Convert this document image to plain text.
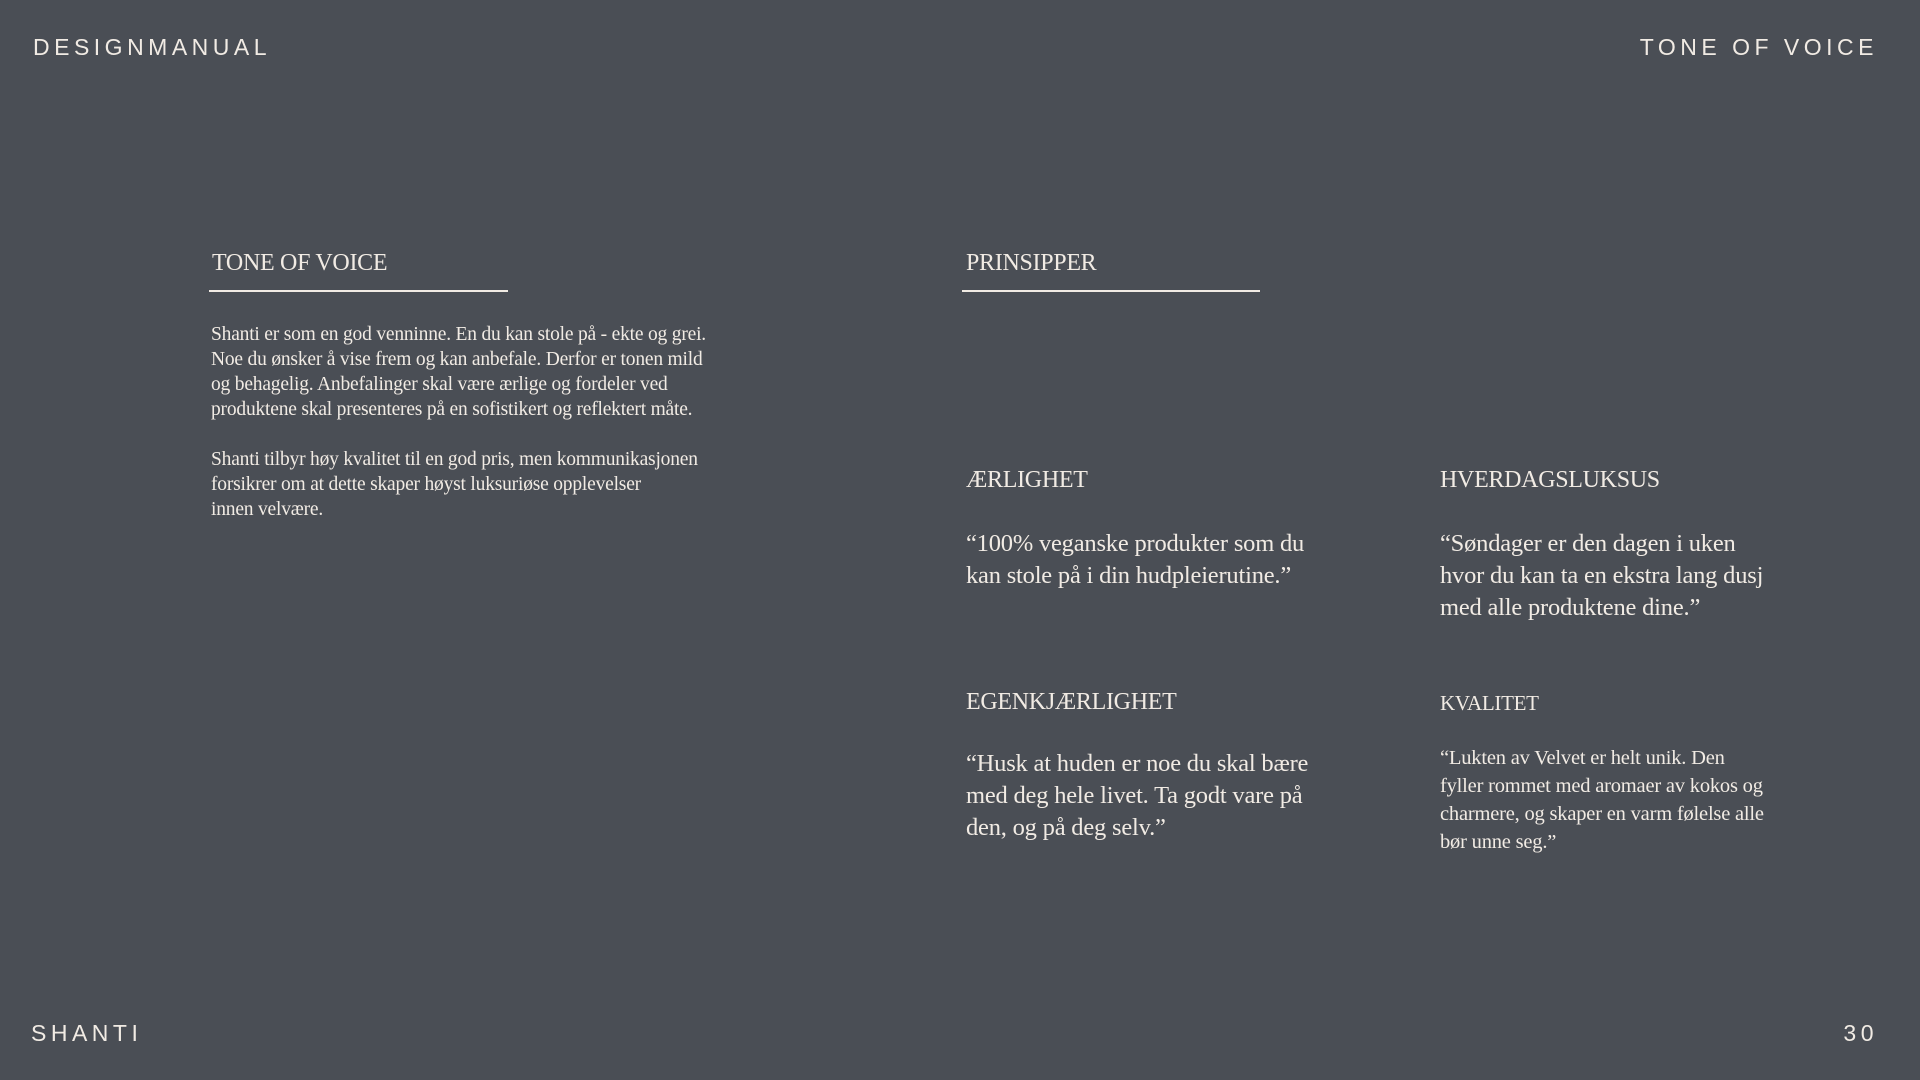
DESIGNMANUAL	TONE OF VOICE
TONE OF VOICE

Shanti er som en god venninne. En du kan stole på - ekte og grei.
Noe du ønsker å vise frem og kan anbefale. Derfor er tonen mild
og behagelig. Anbefalinger skal være ærlige og fordeler ved
produktene skal presenteres på en sofistikert og reflektert måte.

Shanti tilbyr høy kvalitet til en god pris, men kommunikasjonen
forsikrer om at dette skaper høyst luksuriøse opplevelser
innen velvære.

PRINSIPPER
ÆRLIGHET
“100% veganske produkter som du
kan stole på i din hudpleierutine.”
HVERDAGSLUKSUS
“Søndager er den dagen i uken
hvor du kan ta en ekstra lang dusj
med alle produktene dine.”
EGENKJÆRLIGHET
“Husk at huden er noe du skal bære
med deg hele livet. Ta godt vare på
den, og på deg selv.”
KVALITET
“Lukten av Velvet er helt unik. Den
fyller rommet med aromaer av kokos og
charmere, og skaper en varm følelse alle
bør unne seg.”
SHANTI	30
